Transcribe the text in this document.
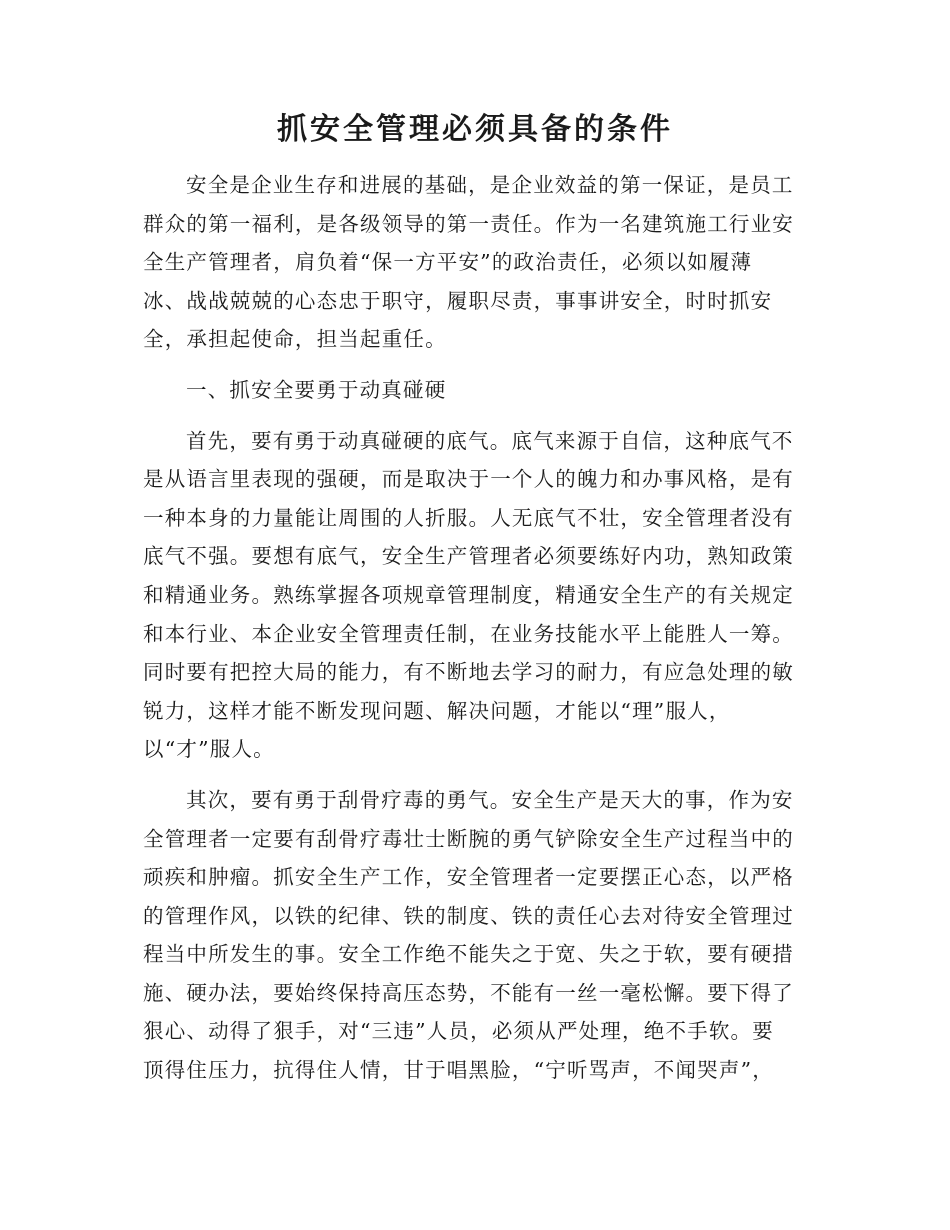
抓安全管理必须具备的条件

安全是企业生存和进展的基础，是企业效益的第一保证，是员工
群众的第一福利，是各级领导的第一责任。作为一名建筑施工行业安
全生产管理者，肩负着“保一方平安”的政治责任，必须以如履薄
冰、战战兢兢的心态忠于职守，履职尽责，事事讲安全，时时抓安
全，承担起使命，担当起重任。

一、抓安全要勇于动真碰硬

首先，要有勇于动真碰硬的底气。底气来源于自信，这种底气不
是从语言里表现的强硬，而是取决于一个人的魄力和办事风格，是有
一种本身的力量能让周围的人折服。人无底气不壮，安全管理者没有
底气不强。要想有底气，安全生产管理者必须要练好内功，熟知政策
和精通业务。熟练掌握各项规章管理制度，精通安全生产的有关规定
和本行业、本企业安全管理责任制，在业务技能水平上能胜人一筹。
同时要有把控大局的能力，有不断地去学习的耐力，有应急处理的敏
锐力，这样才能不断发现问题、解决问题，才能以“理”服人，
以“才”服人。

其次，要有勇于刮骨疗毒的勇气。安全生产是天大的事，作为安
全管理者一定要有刮骨疗毒壮士断腕的勇气铲除安全生产过程当中的
顽疾和肿瘤。抓安全生产工作，安全管理者一定要摆正心态，以严格
的管理作风，以铁的纪律、铁的制度、铁的责任心去对待安全管理过
程当中所发生的事。安全工作绝不能失之于宽、失之于软，要有硬措
施、硬办法，要始终保持高压态势，不能有一丝一毫松懈。要下得了
狠心、动得了狠手，对“三违”人员，必须从严处理，绝不手软。要
顶得住压力，抗得住人情，甘于唱黑脸，“宁听骂声，不闻哭声”，
